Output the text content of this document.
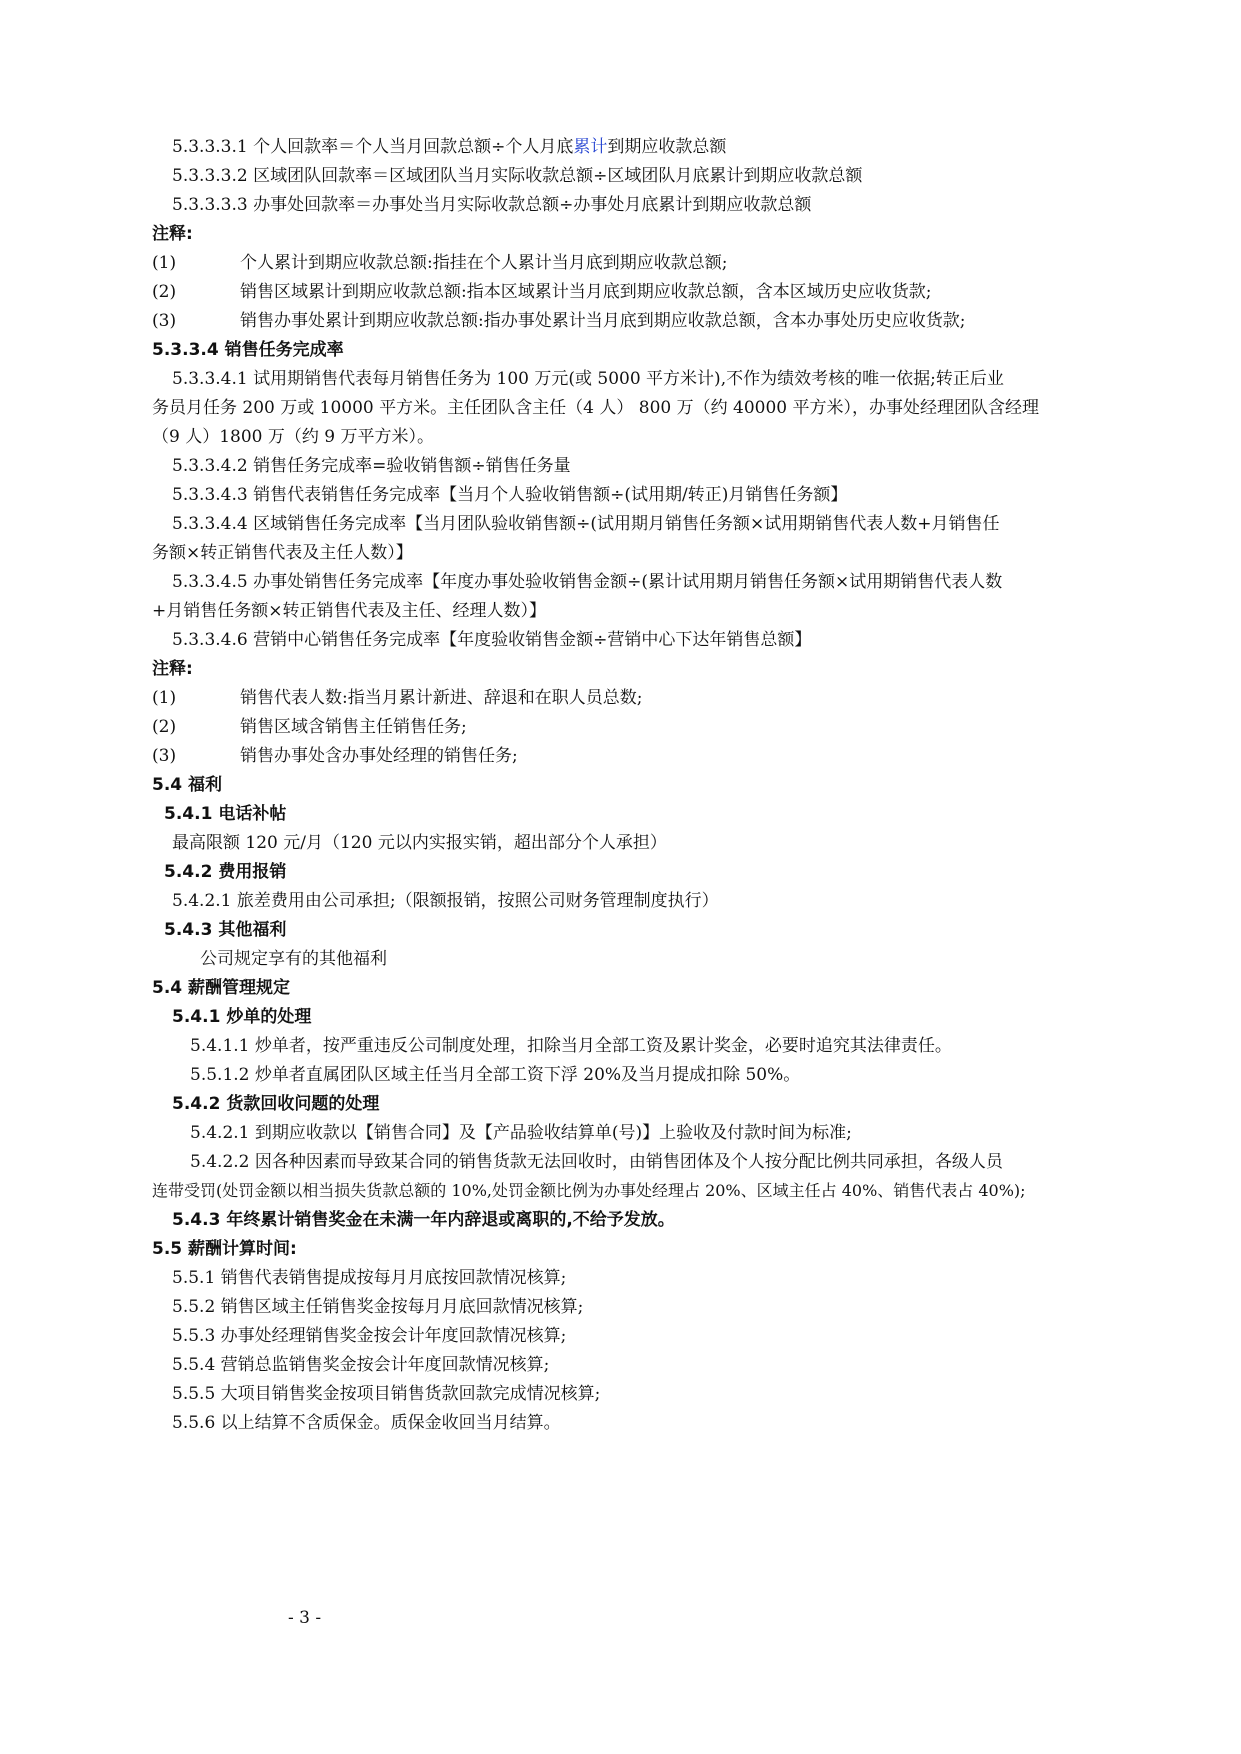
5.3.3.3.1 个人回款率＝个人当月回款总额÷个人月底累计到期应收款总额
5.3.3.3.2 区域团队回款率＝区域团队当月实际收款总额÷区域团队月底累计到期应收款总额
5.3.3.3.3 办事处回款率＝办事处当月实际收款总额÷办事处月底累计到期应收款总额
注释:
(1)	个人累计到期应收款总额:指挂在个人累计当月底到期应收款总额;
(2)	销售区域累计到期应收款总额:指本区域累计当月底到期应收款总额，含本区域历史应收货款;
(3)	销售办事处累计到期应收款总额:指办事处累计当月底到期应收款总额，含本办事处历史应收货款;
5.3.3.4 销售任务完成率
5.3.3.4.1 试用期销售代表每月销售任务为 100 万元(或 5000 平方米计),不作为绩效考核的唯一依据;转正后业
务员月任务 200 万或 10000 平方米。主任团队含主任（4 人） 800 万（约 40000 平方米），办事处经理团队含经理
（9 人）1800 万（约 9 万平方米）。
5.3.3.4.2 销售任务完成率=验收销售额÷销售任务量
5.3.3.4.3 销售代表销售任务完成率【当月个人验收销售额÷(试用期/转正)月销售任务额】
5.3.3.4.4 区域销售任务完成率【当月团队验收销售额÷(试用期月销售任务额×试用期销售代表人数+月销售任
务额×转正销售代表及主任人数）】
5.3.3.4.5 办事处销售任务完成率【年度办事处验收销售金额÷(累计试用期月销售任务额×试用期销售代表人数
+月销售任务额×转正销售代表及主任、经理人数）】
5.3.3.4.6 营销中心销售任务完成率【年度验收销售金额÷营销中心下达年销售总额】
注释:
(1)	销售代表人数:指当月累计新进、辞退和在职人员总数;
(2)	销售区域含销售主任销售任务;
(3)	销售办事处含办事处经理的销售任务;
5.4 福利
5.4.1 电话补帖
最高限额 120 元/月（120 元以内实报实销，超出部分个人承担）
5.4.2 费用报销
5.4.2.1 旅差费用由公司承担;（限额报销，按照公司财务管理制度执行）
5.4.3 其他福利
公司规定享有的其他福利
5.4 薪酬管理规定
5.4.1 炒单的处理
5.4.1.1 炒单者，按严重违反公司制度处理，扣除当月全部工资及累计奖金，必要时追究其法律责任。
5.5.1.2 炒单者直属团队区域主任当月全部工资下浮 20%及当月提成扣除 50%。
5.4.2 货款回收问题的处理
5.4.2.1 到期应收款以【销售合同】及【产品验收结算单(号)】上验收及付款时间为标准;
5.4.2.2 因各种因素而导致某合同的销售货款无法回收时，由销售团体及个人按分配比例共同承担，各级人员
连带受罚(处罚金额以相当损失货款总额的 10%,处罚金额比例为办事处经理占 20%、区域主任占 40%、销售代表占 40%);
5.4.3 年终累计销售奖金在未满一年内辞退或离职的,不给予发放。
5.5 薪酬计算时间:
5.5.1 销售代表销售提成按每月月底按回款情况核算;
5.5.2 销售区域主任销售奖金按每月月底回款情况核算;
5.5.3 办事处经理销售奖金按会计年度回款情况核算;
5.5.4 营销总监销售奖金按会计年度回款情况核算;
5.5.5 大项目销售奖金按项目销售货款回款完成情况核算;
5.5.6 以上结算不含质保金。质保金收回当月结算。
- 3 -
